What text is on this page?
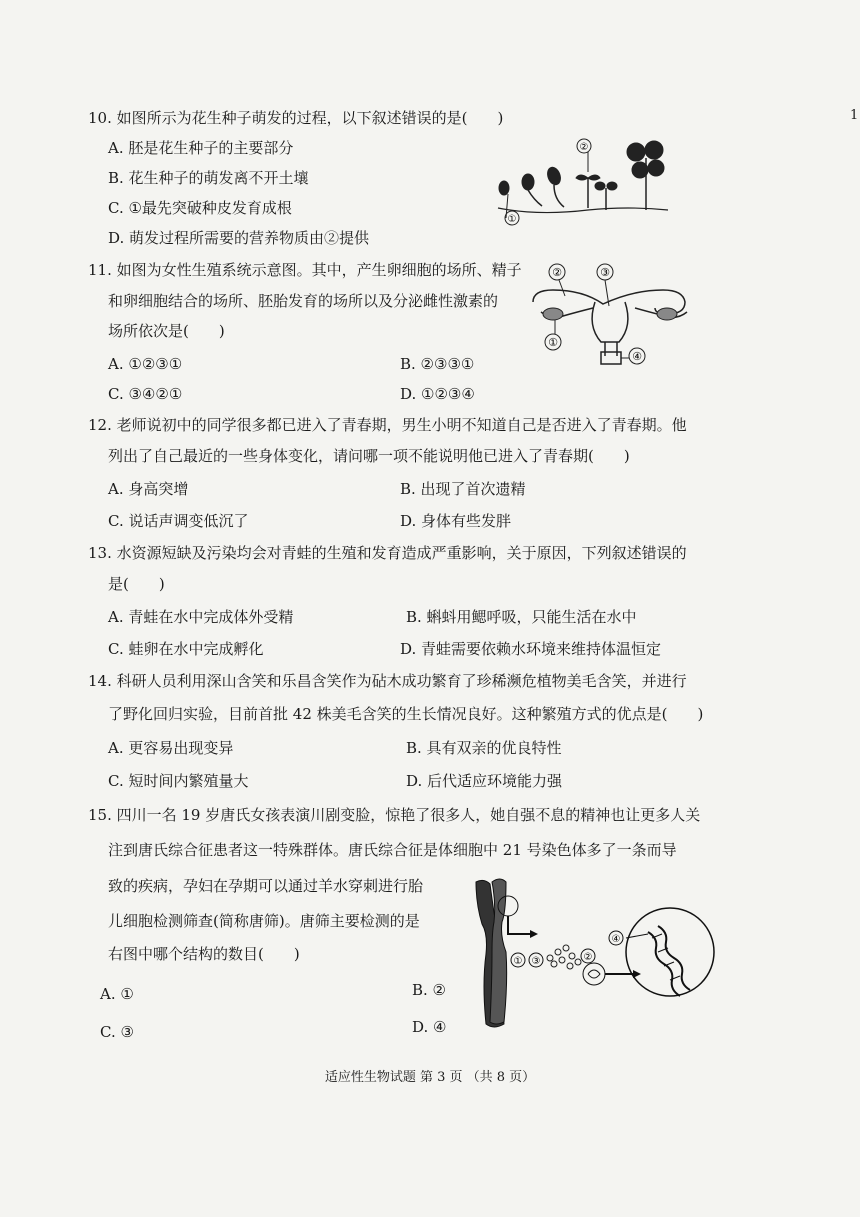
1
10. 如图所示为花生种子萌发的过程，以下叙述错误的是(　　)
A. 胚是花生种子的主要部分
B. 花生种子的萌发离不开土壤
C. ①最先突破种皮发育成根
D. 萌发过程所需要的营养物质由②提供
①
②
11. 如图为女性生殖系统示意图。其中，产生卵细胞的场所、精子
和卵细胞结合的场所、胚胎发育的场所以及分泌雌性激素的
场所依次是(　　)
A. ①②③①	B. ②③③①
C. ③④②①	D. ①②③④
①
②	③
④
12. 老师说初中的同学很多都已进入了青春期，男生小明不知道自己是否进入了青春期。他
列出了自己最近的一些身体变化，请问哪一项不能说明他已进入了青春期(　　)
A. 身高突增	B. 出现了首次遗精
C. 说话声调变低沉了	D. 身体有些发胖
13. 水资源短缺及污染均会对青蛙的生殖和发育造成严重影响，关于原因，下列叙述错误的
是(　　)
A. 青蛙在水中完成体外受精	B. 蝌蚪用鳃呼吸，只能生活在水中
C. 蛙卵在水中完成孵化	D. 青蛙需要依赖水环境来维持体温恒定
14. 科研人员利用深山含笑和乐昌含笑作为砧木成功繁育了珍稀濒危植物美毛含笑，并进行
了野化回归实验，目前首批 42 株美毛含笑的生长情况良好。这种繁殖方式的优点是(　　)
A. 更容易出现变异	B. 具有双亲的优良特性
C. 短时间内繁殖量大	D. 后代适应环境能力强
15. 四川一名 19 岁唐氏女孩表演川剧变脸，惊艳了很多人，她自强不息的精神也让更多人关
注到唐氏综合征患者这一特殊群体。唐氏综合征是体细胞中 21 号染色体多了一条而导
致的疾病，孕妇在孕期可以通过羊水穿刺进行胎
儿细胞检测筛查(简称唐筛)。唐筛主要检测的是
右图中哪个结构的数目(　　)
A. ①	B. ②
C. ③	D. ④
①	②
③
④
适应性生物试题 第 3 页 （共 8 页）
